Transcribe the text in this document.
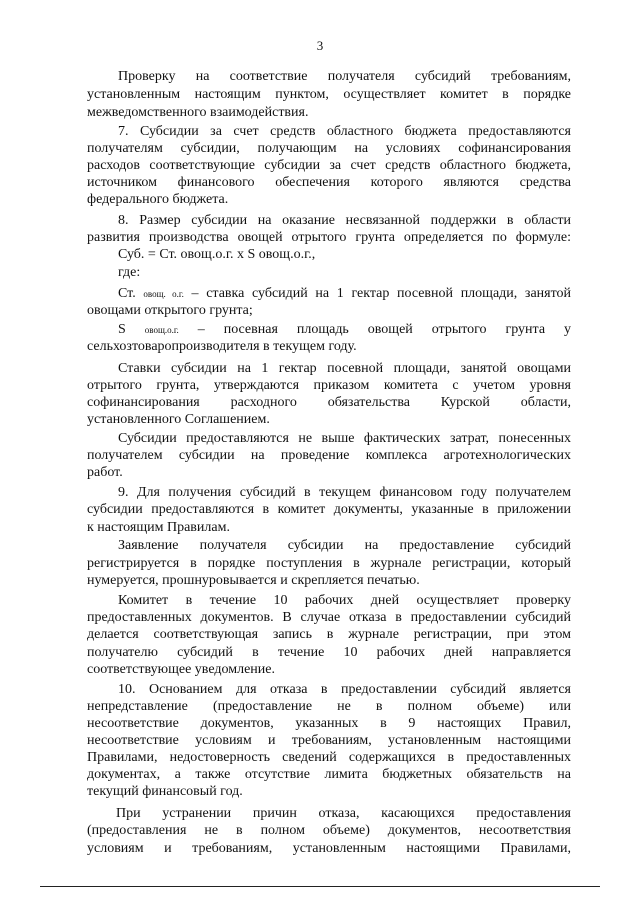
3
Проверку на соответствие получателя субсидий требованиям,
установленным настоящим пунктом, осуществляет комитет в порядке
межведомственного взаимодействия.
7. Субсидии за счет средств областного бюджета предоставляются
получателям субсидии, получающим на условиях софинансирования
расходов соответствующие субсидии за счет средств областного бюджета,
источником финансового обеспечения которого являются средства
федерального бюджета.
8. Размер субсидии на оказание несвязанной поддержки в области
развития производства овощей отрытого грунта определяется по формуле:
Суб. = Ст. овощ.о.г. x S овощ.о.г.,
где:
Ст. овощ. о.г. – ставка субсидий на 1 гектар посевной площади, занятой
овощами открытого грунта;
S овощ.о.г. – посевная площадь овощей отрытого грунта у
сельхозтоваропроизводителя в текущем году.
Ставки субсидии на 1 гектар посевной площади, занятой овощами
отрытого грунта, утверждаются приказом комитета с учетом уровня
софинансирования расходного обязательства Курской области,
установленного Соглашением.
Субсидии предоставляются не выше фактических затрат, понесенных
получателем субсидии на проведение комплекса агротехнологических
работ.
9. Для получения субсидий в текущем финансовом году получателем
субсидии предоставляются в комитет документы, указанные в приложении
к настоящим Правилам.
Заявление получателя субсидии на предоставление субсидий
регистрируется в порядке поступления в журнале регистрации, который
нумеруется, прошнуровывается и скрепляется печатью.
Комитет в течение 10 рабочих дней осуществляет проверку
предоставленных документов. В случае отказа в предоставлении субсидий
делается соответствующая запись в журнале регистрации, при этом
получателю субсидий в течение 10 рабочих дней направляется
соответствующее уведомление.
10. Основанием для отказа в предоставлении субсидий является
непредставление (предоставление не в полном объеме) или
несоответствие документов, указанных в 9 настоящих Правил,
несоответствие условиям и требованиям, установленным настоящими
Правилами, недостоверность сведений содержащихся в предоставленных
документах, а также отсутствие лимита бюджетных обязательств на
текущий финансовый год.
При устранении причин отказа, касающихся предоставления
(предоставления не в полном объеме) документов, несоответствия
условиям и требованиям, установленным настоящими Правилами,
